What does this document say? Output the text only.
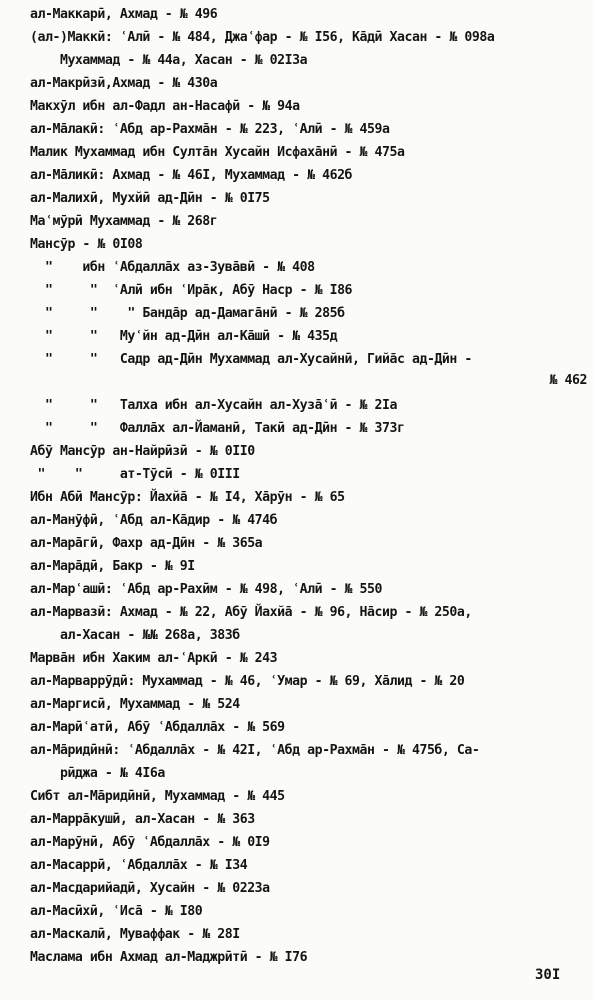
ал-Маккарӣ, Ахмад - № 496
(ал-)Маккӣ: ʿАлӣ - № 484, Джаʿфар - № I56, Кāдӣ Хасан - № 098а
Мухаммад - № 44а, Хасан - № 02I3а
ал-Макрӣзӣ,Ахмад - № 430а
Макхӯл ибн ал-Фадл ан-Насафӣ - № 94а
ал-Мāлакӣ: ʿАбд ар-Рахмāн - № 223, ʿАлӣ - № 459а
Малик Мухаммад ибн Султāн Хусайн Исфахāнӣ - № 475а
ал-Мāликӣ: Ахмад - № 46I, Мухаммад - № 462б
ал-Малихӣ, Мухйӣ ад-Дӣн - № 0I75
Маʿмӯрӣ Мухаммад - № 268г
Мансӯр - № 0I08
"    ибн ʿАбдаллāх аз-Зувāвӣ - № 408
"     "  ʿАлӣ ибн ʿИрāк, Абӯ Наср - № I86
"     "    " Бандāр ад-Дамагāнӣ - № 285б
"     "   Муʿйн ад-Дӣн ал-Кāшӣ - № 435д
"     "   Садр ад-Дӣн Мухаммад ал-Хусайнӣ, Гийāс ад-Дӣн -
№ 462
"     "   Талха ибн ал-Хусайн ал-Хузāʿӣ - № 2Iа
"     "   Фаллāх ал-Йаманӣ, Такӣ ад-Дӣн - № 373г
Абӯ Мансӯр ан-Найрӣзӣ - № 0II0
"    "     ат-Тӯсӣ - № 0III
Ибн Абӣ Мансӯр: Йахйā - № I4, Хāрӯн - № 65
ал-Манӯфӣ, ʿАбд ал-Кāдир - № 474б
ал-Марāгӣ, Фахр ад-Дӣн - № 365а
ал-Марāдӣ, Бакр - № 9I
ал-Марʿашӣ: ʿАбд ар-Рахӣм - № 498, ʿАлӣ - № 550
ал-Марвазӣ: Ахмад - № 22, Абӯ Йахйā - № 96, Нāсир - № 250а,
ал-Хасан - №№ 268а, 383б
Марвāн ибн Хаким ал-ʿАркӣ - № 243
ал-Марваррӯдӣ: Мухаммад - № 46, ʿУмар - № 69, Хāлид - № 20
ал-Маргисӣ, Мухаммад - № 524
ал-Марӣʿатӣ, Абӯ ʿАбдаллāх - № 569
ал-Мāридӣнӣ: ʿАбдаллāх - № 42I, ʿАбд ар-Рахмāн - № 475б, Са-
рӣджа - № 4I6а
Сибт ал-Мāридӣнӣ, Мухаммад - № 445
ал-Маррāкушӣ, ал-Хасан - № 363
ал-Марӯнӣ, Абӯ ʿАбдаллāх - № 0I9
ал-Масаррӣ, ʿАбдаллāх - № I34
ал-Масдарийадӣ, Хусайн - № 0223а
ал-Масӣхӣ, ʿИсā - № I80
ал-Маскалӣ, Муваффак - № 28I
Маслама ибн Ахмад ал-Маджрӣтӣ - № I76
30I
